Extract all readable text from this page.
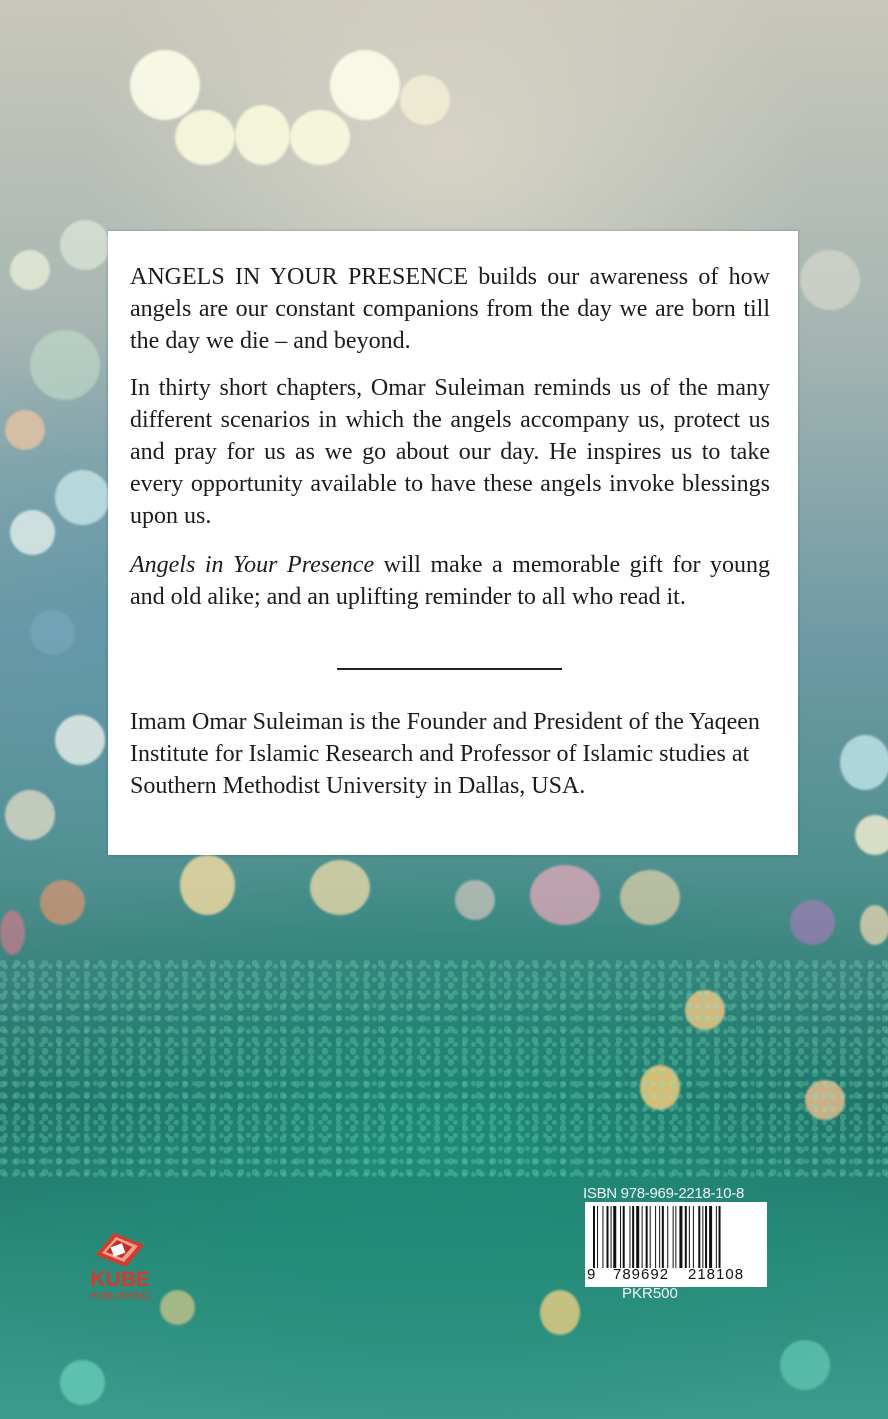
ANGELS IN YOUR PRESENCE builds our awareness of how angels are our constant companions from the day we are born till the day we die – and beyond.

In thirty short chapters, Omar Suleiman reminds us of the many different scenarios in which the angels accompany us, protect us and pray for us as we go about our day. He inspires us to take every opportunity available to have these angels invoke blessings upon us.

Angels in Your Presence will make a memorable gift for young and old alike; and an uplifting reminder to all who read it.

Imam Omar Suleiman is the Founder and President of the Yaqeen Institute for Islamic Research and Professor of Islamic studies at Southern Methodist University in Dallas, USA.

KUBE
PUBLISHING
ISBN 978-969-2218-10-8
9 789692 218108
PKR500
